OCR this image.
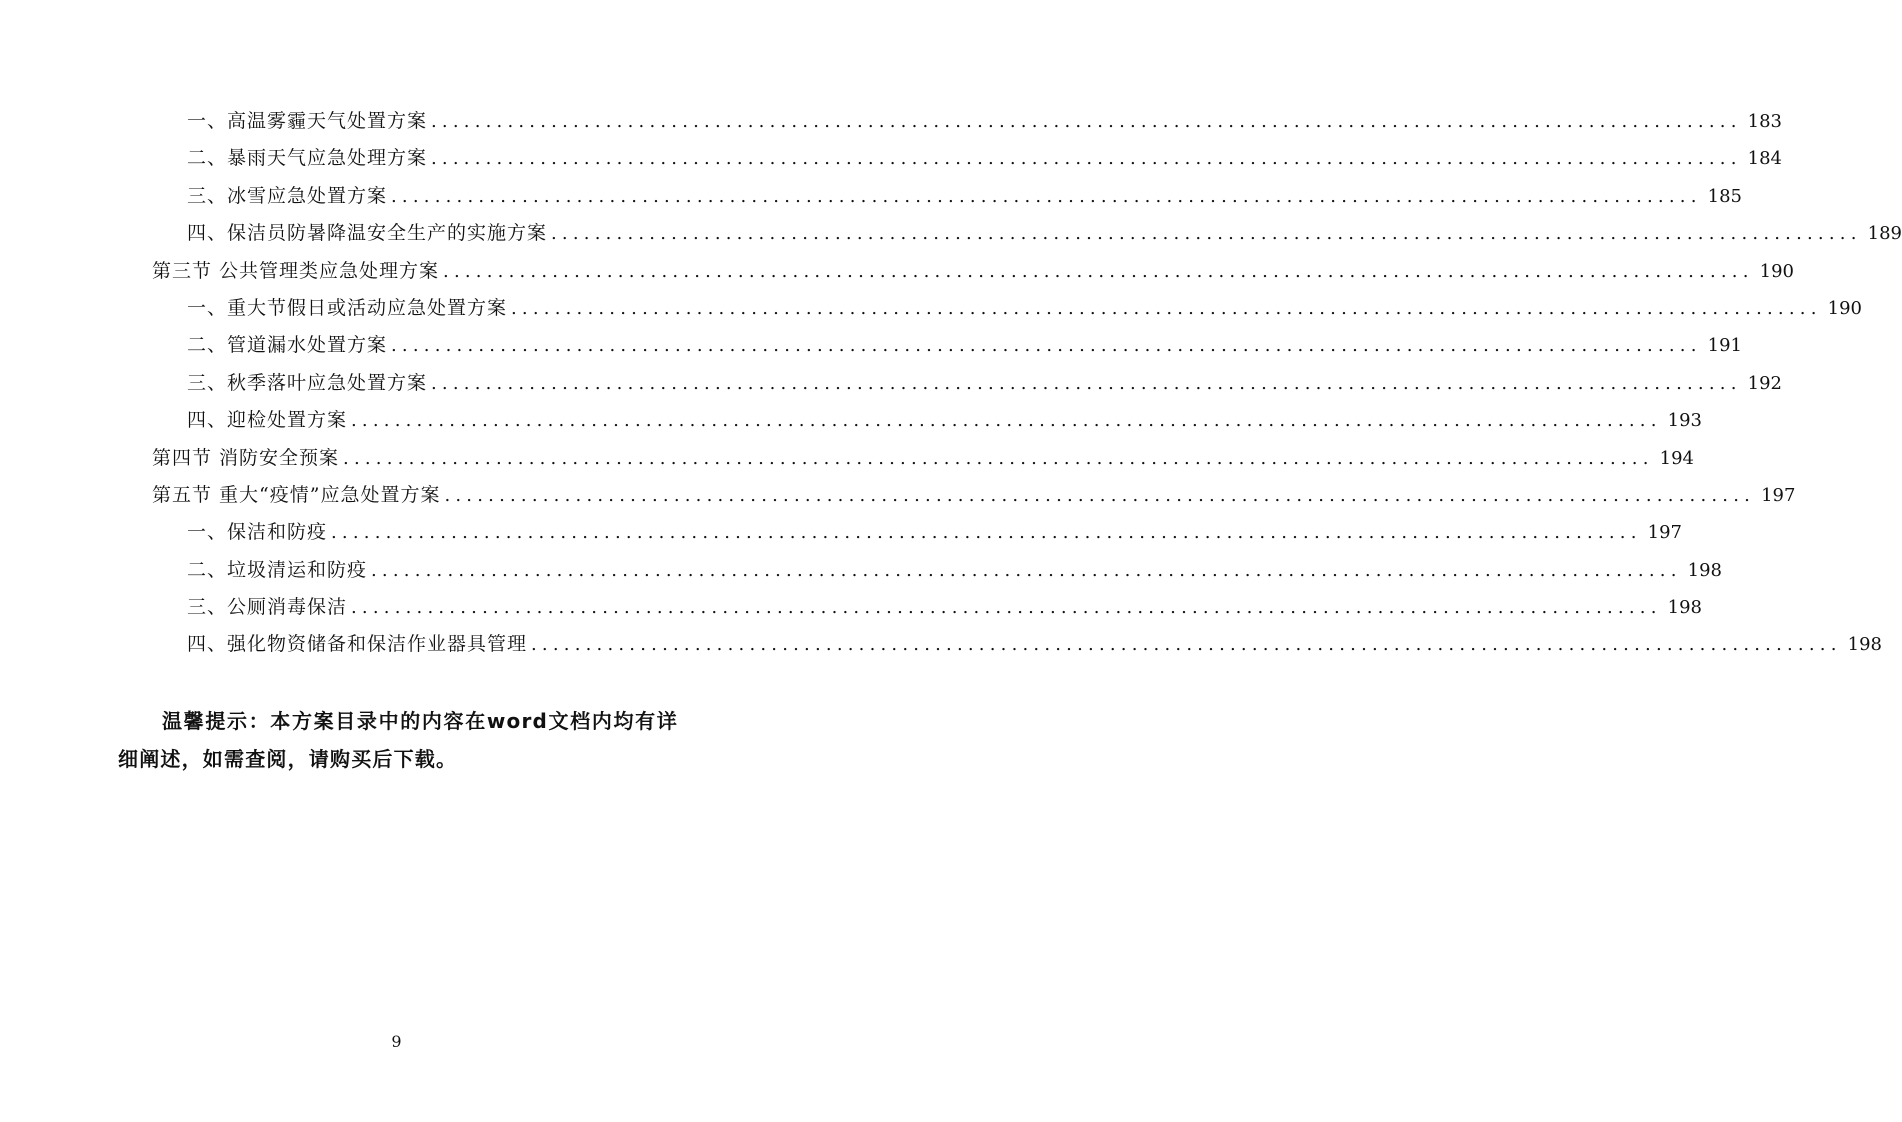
一、高温雾霾天气处置方案 ........................................................................................................................ 183
二、暴雨天气应急处理方案 ........................................................................................................................ 184
三、冰雪应急处置方案 ........................................................................................................................ 185
四、保洁员防暑降温安全生产的实施方案 ........................................................................................................................ 189
第三节 公共管理类应急处理方案 ........................................................................................................................ 190
一、重大节假日或活动应急处置方案 ........................................................................................................................ 190
二、管道漏水处置方案 ........................................................................................................................ 191
三、秋季落叶应急处置方案 ........................................................................................................................ 192
四、迎检处置方案 ........................................................................................................................ 193
第四节 消防安全预案 ........................................................................................................................ 194
第五节 重大“疫情”应急处置方案 ........................................................................................................................ 197
一、保洁和防疫 ........................................................................................................................ 197
二、垃圾清运和防疫 ........................................................................................................................ 198
三、公厕消毒保洁 ........................................................................................................................ 198
四、强化物资储备和保洁作业器具管理 ........................................................................................................................ 198
温馨提示：本方案目录中的内容在word文档内均有详细阐述，如需查阅，请购买后下载。
9
